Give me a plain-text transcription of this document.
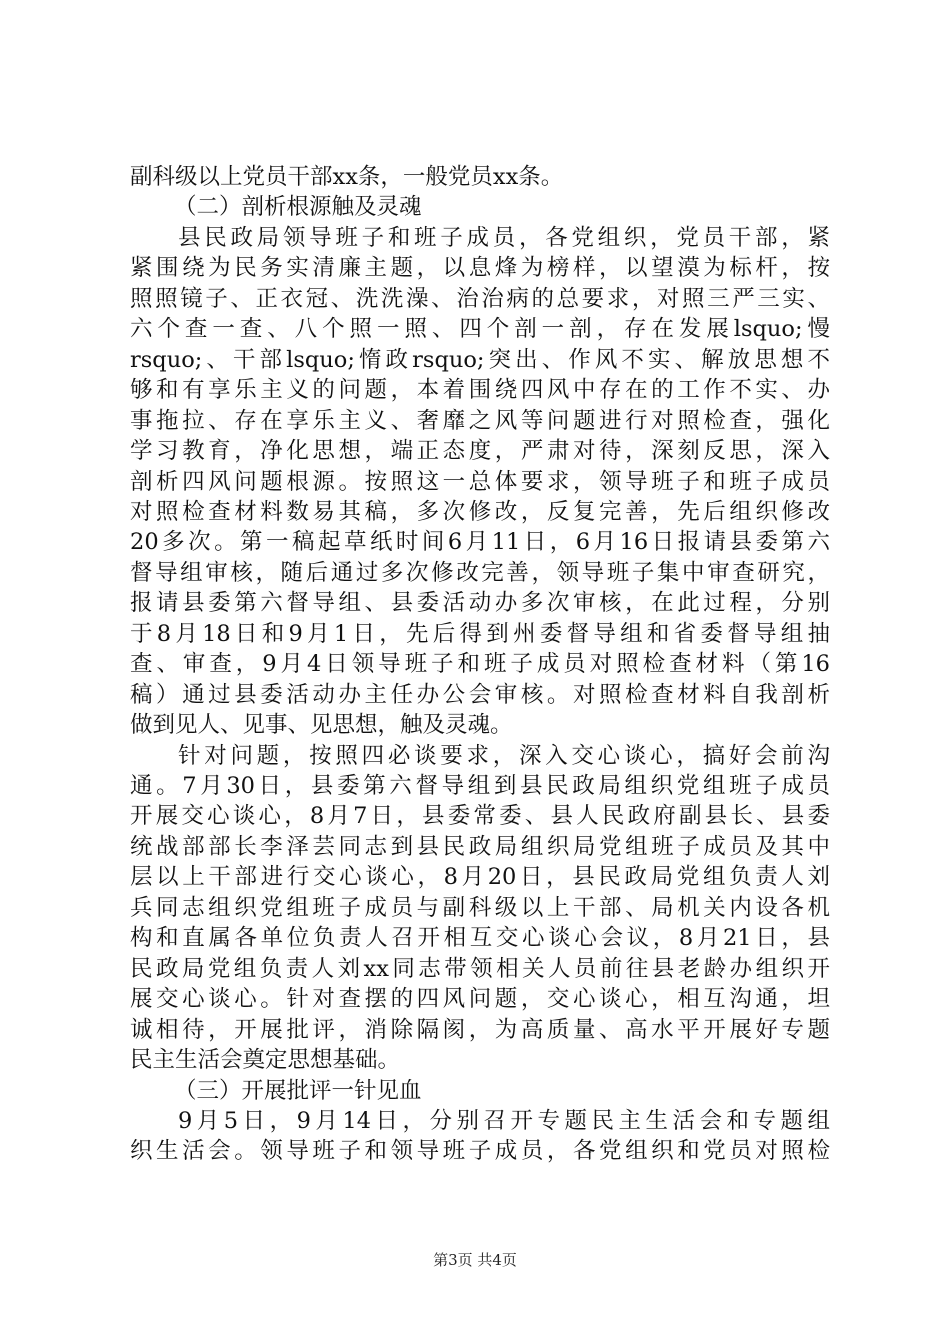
副科级以上党员干部xx条，一般党员xx条。
（二）剖析根源触及灵魂
县民政局领导班子和班子成员，各党组织，党员干部，紧
紧围绕为民务实清廉主题，以息烽为榜样，以望漠为标杆，按
照照镜子、正衣冠、洗洗澡、治治病的总要求，对照三严三实、
六个查一查、八个照一照、四个剖一剖，存在发展lsquo;慢
rsquo;、干部lsquo;惰政rsquo;突出、作风不实、解放思想不
够和有享乐主义的问题，本着围绕四风中存在的工作不实、办
事拖拉、存在享乐主义、奢靡之风等问题进行对照检查，强化
学习教育，净化思想，端正态度，严肃对待，深刻反思，深入
剖析四风问题根源。按照这一总体要求，领导班子和班子成员
对照检查材料数易其稿，多次修改，反复完善，先后组织修改
20多次。第一稿起草纸时间6月11日，6月16日报请县委第六
督导组审核，随后通过多次修改完善，领导班子集中审查研究，
报请县委第六督导组、县委活动办多次审核，在此过程，分别
于8月18日和9月1日，先后得到州委督导组和省委督导组抽
查、审查，9月4日领导班子和班子成员对照检查材料（第16
稿）通过县委活动办主任办公会审核。对照检查材料自我剖析
做到见人、见事、见思想，触及灵魂。
针对问题，按照四必谈要求，深入交心谈心，搞好会前沟
通。7月30日，县委第六督导组到县民政局组织党组班子成员
开展交心谈心，8月7日，县委常委、县人民政府副县长、县委
统战部部长李泽芸同志到县民政局组织局党组班子成员及其中
层以上干部进行交心谈心，8月20日，县民政局党组负责人刘
兵同志组织党组班子成员与副科级以上干部、局机关内设各机
构和直属各单位负责人召开相互交心谈心会议，8月21日，县
民政局党组负责人刘xx同志带领相关人员前往县老龄办组织开
展交心谈心。针对查摆的四风问题，交心谈心，相互沟通，坦
诚相待，开展批评，消除隔阂，为高质量、高水平开展好专题
民主生活会奠定思想基础。
（三）开展批评一针见血
9月5日，9月14日，分别召开专题民主生活会和专题组
织生活会。领导班子和领导班子成员，各党组织和党员对照检
第3页 共4页
